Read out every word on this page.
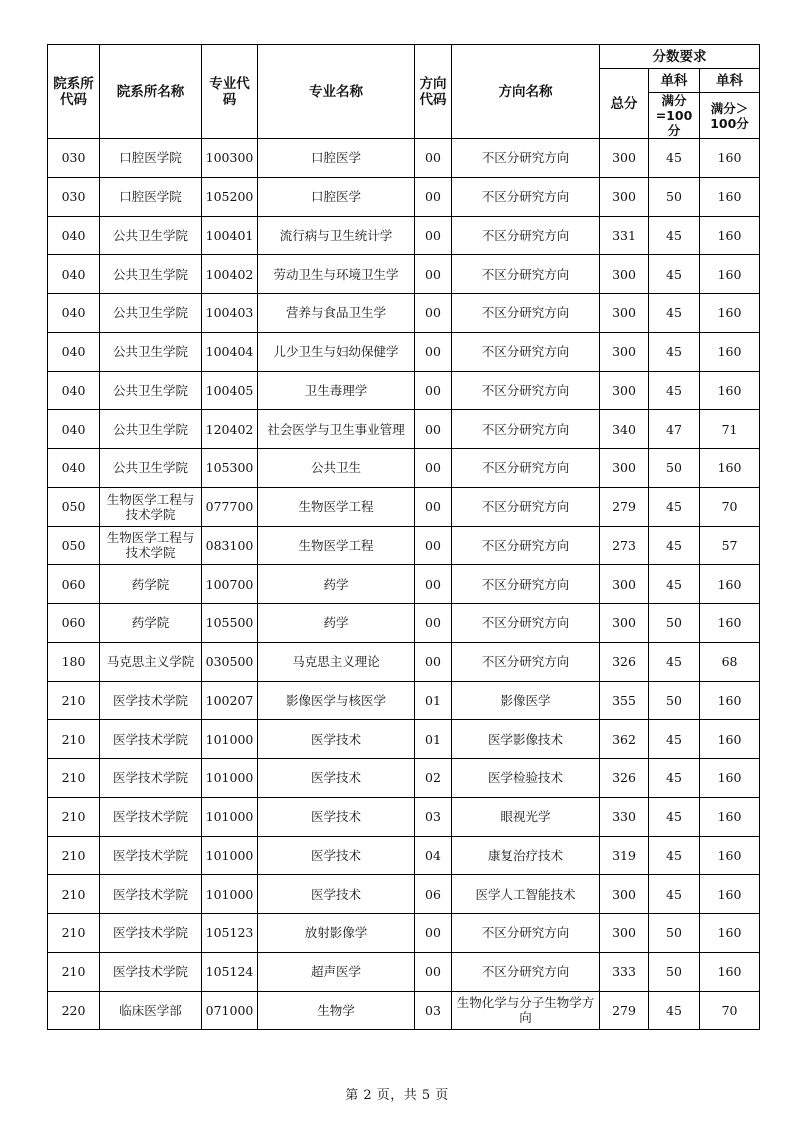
院系所代码	院系所名称	专业代码	专业名称	方向代码	方向名称	分数要求		
						总分	单科	单科
							满分=100分	满分＞100分
030	口腔医学院	100300	口腔医学	00	不区分研究方向	300	45	160
030	口腔医学院	105200	口腔医学	00	不区分研究方向	300	50	160
040	公共卫生学院	100401	流行病与卫生统计学	00	不区分研究方向	331	45	160
040	公共卫生学院	100402	劳动卫生与环境卫生学	00	不区分研究方向	300	45	160
040	公共卫生学院	100403	营养与食品卫生学	00	不区分研究方向	300	45	160
040	公共卫生学院	100404	儿少卫生与妇幼保健学	00	不区分研究方向	300	45	160
040	公共卫生学院	100405	卫生毒理学	00	不区分研究方向	300	45	160
040	公共卫生学院	120402	社会医学与卫生事业管理	00	不区分研究方向	340	47	71
040	公共卫生学院	105300	公共卫生	00	不区分研究方向	300	50	160
050	生物医学工程与技术学院	077700	生物医学工程	00	不区分研究方向	279	45	70
050	生物医学工程与技术学院	083100	生物医学工程	00	不区分研究方向	273	45	57
060	药学院	100700	药学	00	不区分研究方向	300	45	160
060	药学院	105500	药学	00	不区分研究方向	300	50	160
180	马克思主义学院	030500	马克思主义理论	00	不区分研究方向	326	45	68
210	医学技术学院	100207	影像医学与核医学	01	影像医学	355	50	160
210	医学技术学院	101000	医学技术	01	医学影像技术	362	45	160
210	医学技术学院	101000	医学技术	02	医学检验技术	326	45	160
210	医学技术学院	101000	医学技术	03	眼视光学	330	45	160
210	医学技术学院	101000	医学技术	04	康复治疗技术	319	45	160
210	医学技术学院	101000	医学技术	06	医学人工智能技术	300	45	160
210	医学技术学院	105123	放射影像学	00	不区分研究方向	300	50	160
210	医学技术学院	105124	超声医学	00	不区分研究方向	333	50	160
220	临床医学部	071000	生物学	03	生物化学与分子生物学方向	279	45	70
第 2 页，共 5 页
